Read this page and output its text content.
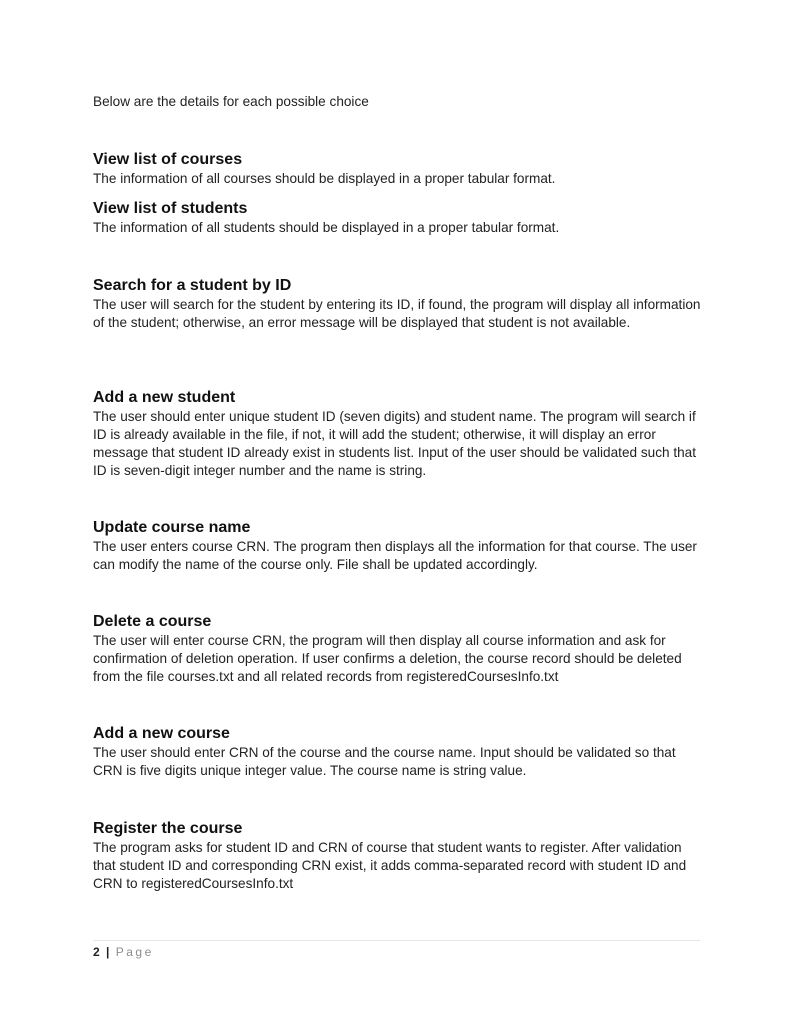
Below are the details for each possible choice
View list of courses

The information of all courses should be displayed in a proper tabular format.

View list of students

The information of all students should be displayed in a proper tabular format.

Search for a student by ID

The user will search for the student by entering its ID, if found, the program will display all information of the student; otherwise, an error message will be displayed that student is not available.

Add a new student

The user should enter unique student ID (seven digits) and student name. The program will search if ID is already available in the file, if not, it will add the student; otherwise, it will display an error message that student ID already exist in students list. Input of the user should be validated such that ID is seven-digit integer number and the name is string.

Update course name

The user enters course CRN. The program then displays all the information for that course. The user can modify the name of the course only. File shall be updated accordingly.

Delete a course

The user will enter course CRN, the program will then display all course information and ask for confirmation of deletion operation. If user confirms a deletion, the course record should be deleted from the file courses.txt and all related records from registeredCoursesInfo.txt

Add a new course

The user should enter CRN of the course and the course name. Input should be validated so that CRN is five digits unique integer value. The course name is string value.

Register the course

The program asks for student ID and CRN of course that student wants to register. After validation that student ID and corresponding CRN exist, it adds comma-separated record with student ID and CRN to registeredCoursesInfo.txt

2 | Page
